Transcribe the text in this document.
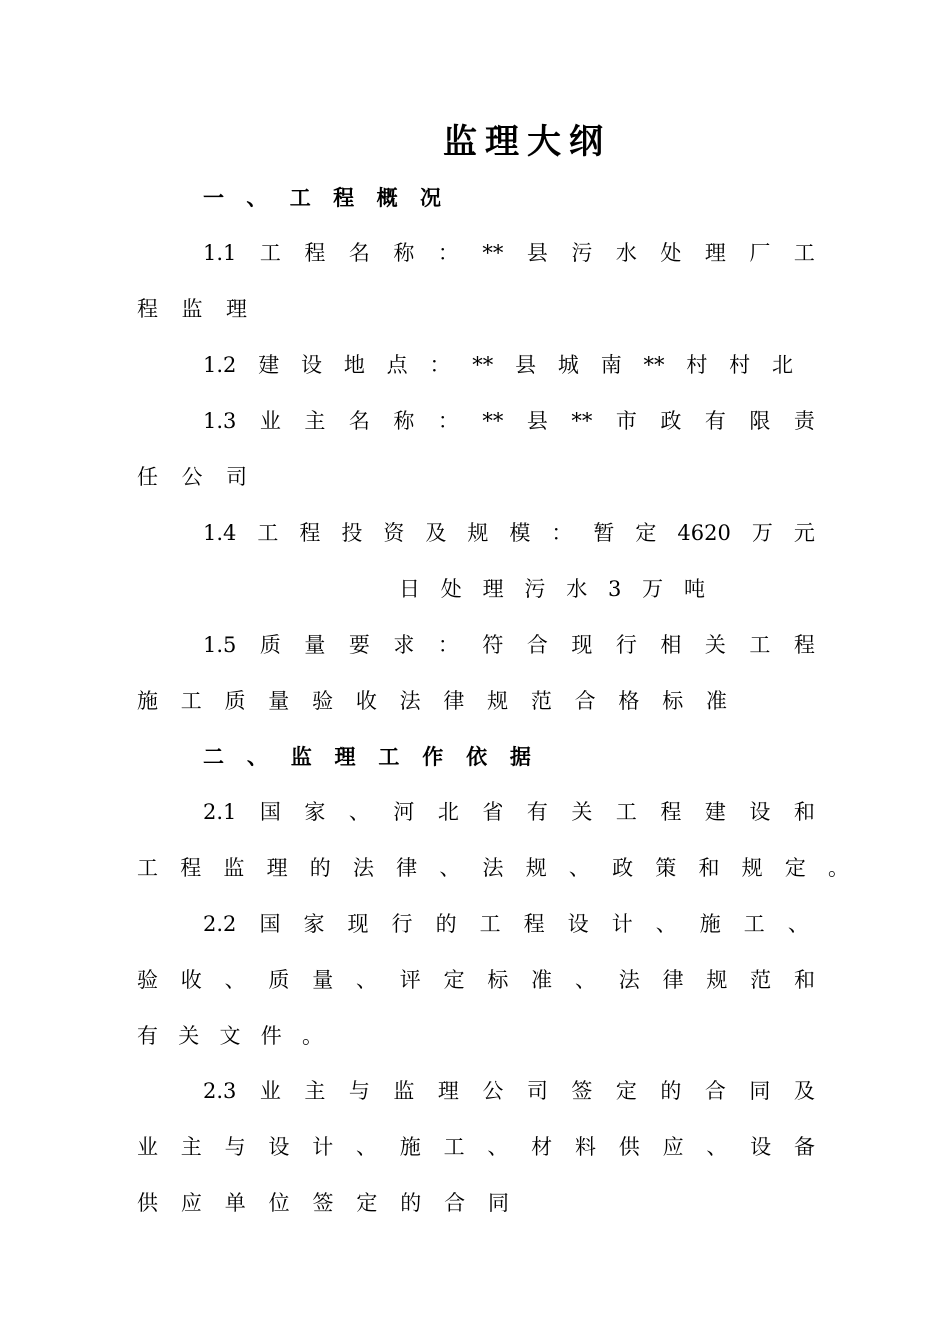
监理大纲
一 、 工 程 概 况
1.1 工 程 名 称 ： ** 县 污 水 处 理 厂 工
程 监 理
1.2 建 设 地 点 ： ** 县 城 南 ** 村 村 北
1.3 业 主 名 称 ： ** 县 ** 市 政 有 限 责
任 公 司
1.4 工 程 投 资 及 规 模 ： 暂 定 4620 万 元
日 处 理 污 水 3 万 吨
1.5 质 量 要 求 ： 符 合 现 行 相 关 工 程
施 工 质 量 验 收 法 律 规 范 合 格 标 准
二 、 监 理 工 作 依 据
2.1 国 家 、 河 北 省 有 关 工 程 建 设 和
工 程 监 理 的 法 律 、 法 规 、 政 策 和 规 定 。
2.2 国 家 现 行 的 工 程 设 计 、 施 工 、
验 收 、 质 量 、 评 定 标 准 、 法 律 规 范 和
有 关 文 件 。
2.3 业 主 与 监 理 公 司 签 定 的 合 同 及
业 主 与 设 计 、 施 工 、 材 料 供 应 、 设 备
供 应 单 位 签 定 的 合 同
